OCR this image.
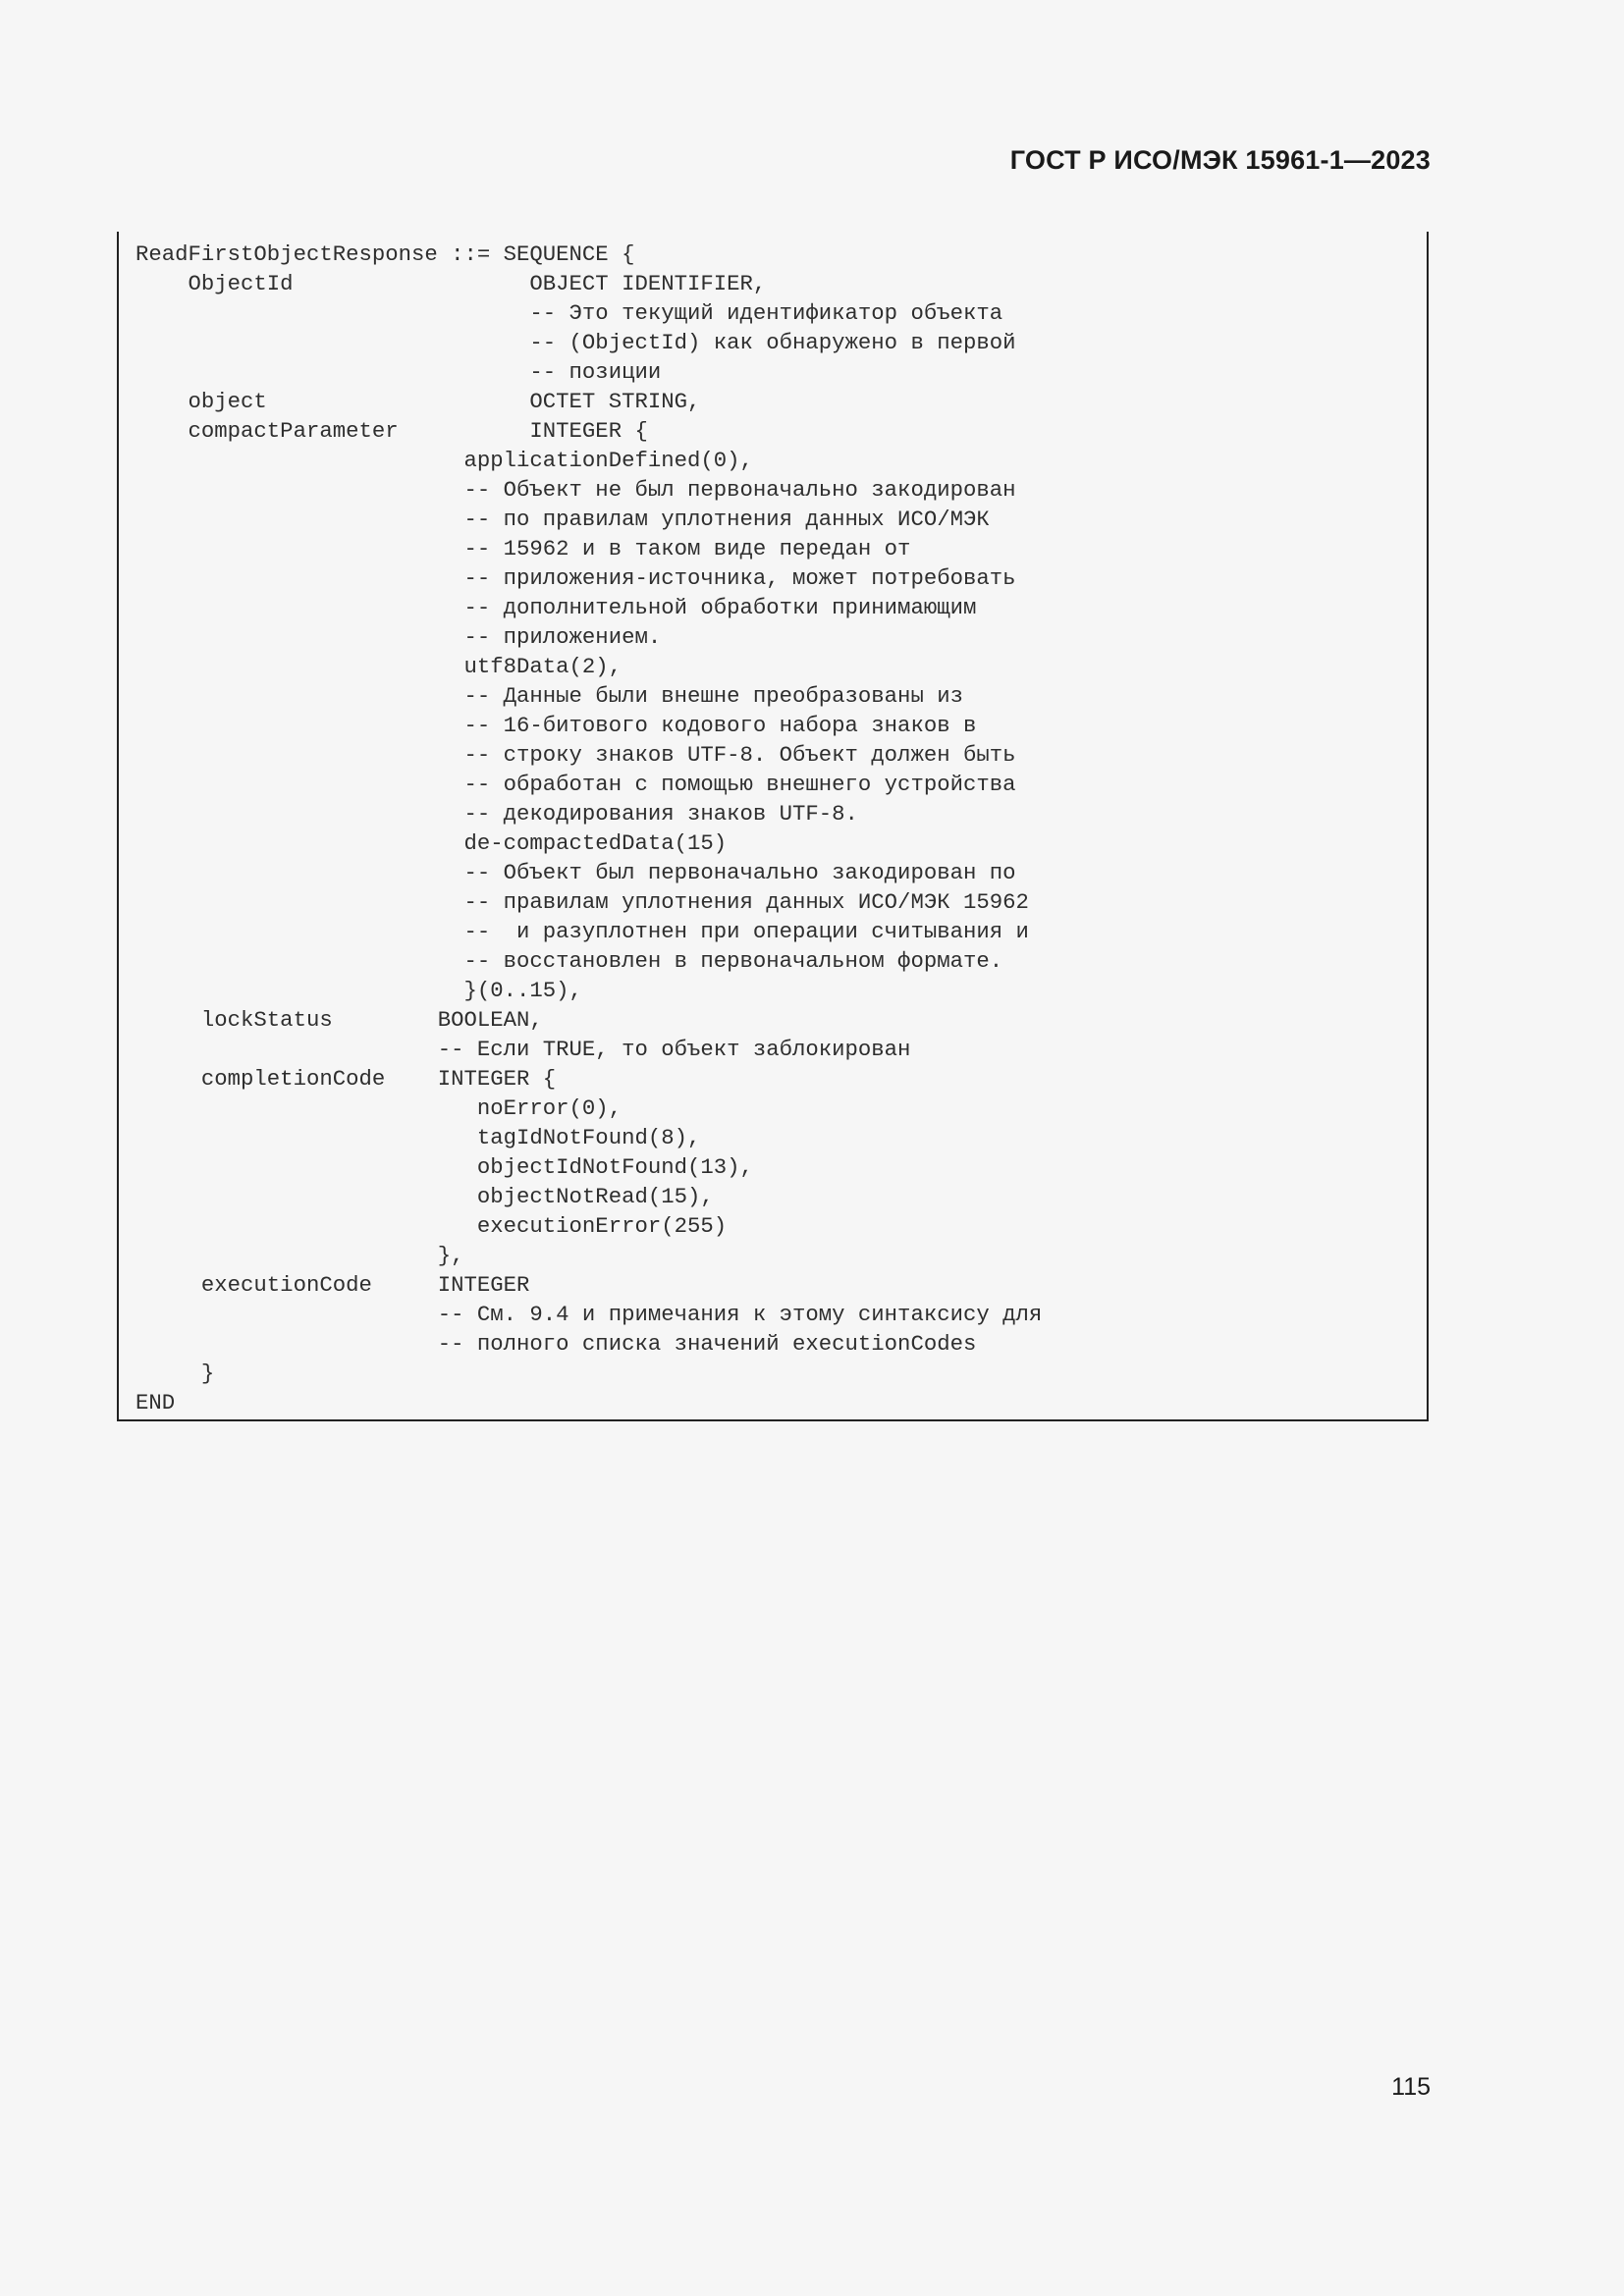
ГОСТ Р ИСО/МЭК 15961-1—2023
ReadFirstObjectResponse ::= SEQUENCE {
ObjectId                  OBJECT IDENTIFIER,
-- Это текущий идентификатор объекта
-- (ObjectId) как обнаружено в первой
-- позиции
object                    OCTET STRING,
compactParameter          INTEGER {
applicationDefined(0),
-- Объект не был первоначально закодирован
-- по правилам уплотнения данных ИСО/МЭК
-- 15962 и в таком виде передан от
-- приложения-источника, может потребовать
-- дополнительной обработки принимающим
-- приложением.
utf8Data(2),
-- Данные были внешне преобразованы из
-- 16-битового кодового набора знаков в
-- строку знаков UTF-8. Объект должен быть
-- обработан с помощью внешнего устройства
-- декодирования знаков UTF-8.
de-compactedData(15)
-- Объект был первоначально закодирован по
-- правилам уплотнения данных ИСО/МЭК 15962
--  и разуплотнен при операции считывания и
-- восстановлен в первоначальном формате.
}(0..15),
lockStatus        BOOLEAN,
-- Если TRUE, то объект заблокирован
completionCode    INTEGER {
noError(0),
tagIdNotFound(8),
objectIdNotFound(13),
objectNotRead(15),
executionError(255)
},
executionCode     INTEGER
-- См. 9.4 и примечания к этому синтаксису для
-- полного списка значений executionCodes
}
END
115
